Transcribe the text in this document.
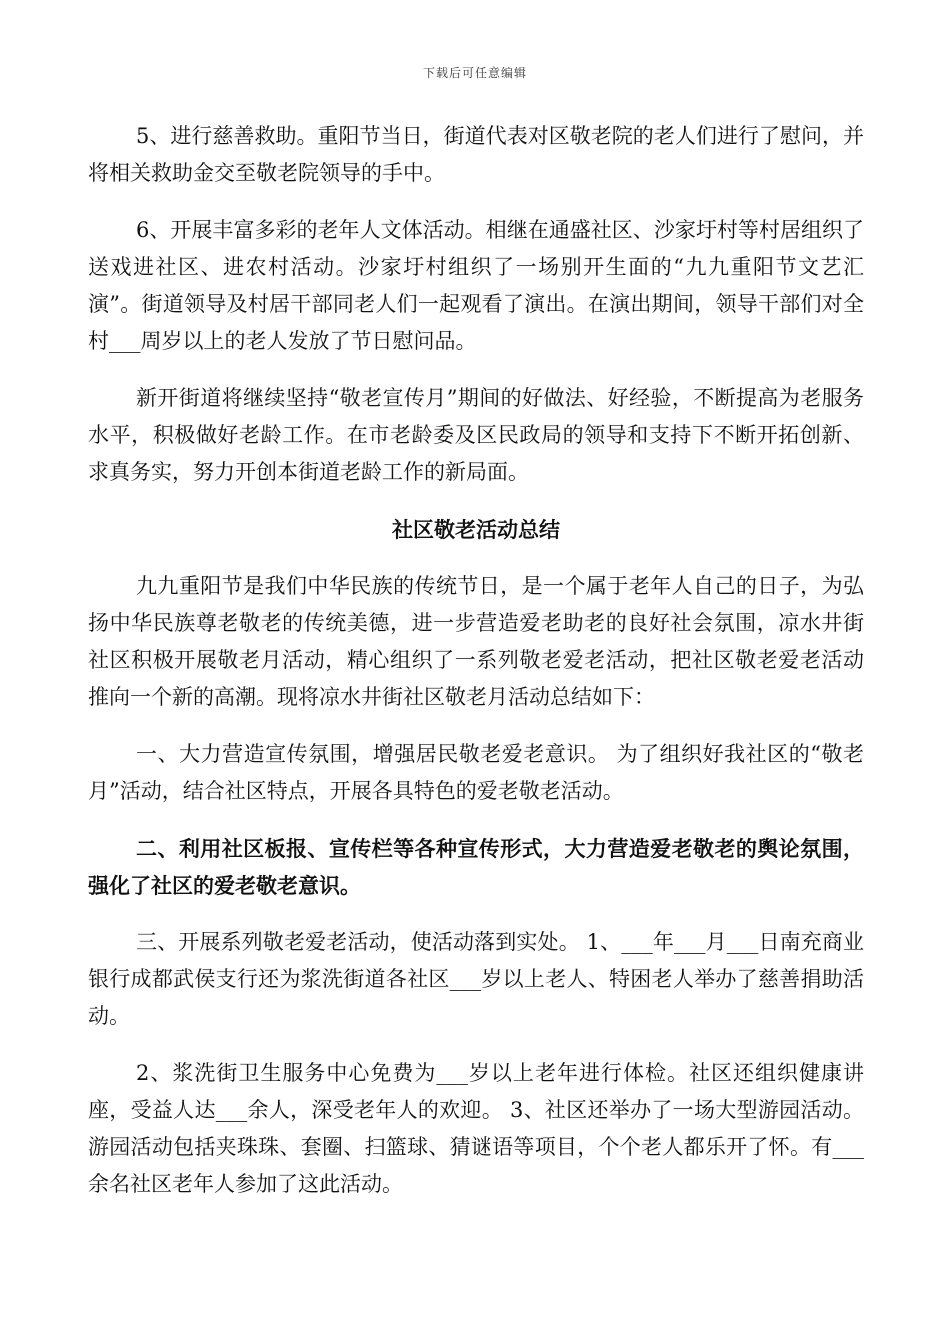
下载后可任意编辑

5、进行慈善救助。重阳节当日，街道代表对区敬老院的老人们进行了慰问，并将相关救助金交至敬老院领导的手中。

6、开展丰富多彩的老年人文体活动。相继在通盛社区、沙家圩村等村居组织了送戏进社区、进农村活动。沙家圩村组织了一场别开生面的“九九重阳节文艺汇演”。街道领导及村居干部同老人们一起观看了演出。在演出期间，领导干部们对全村___周岁以上的老人发放了节日慰问品。

新开街道将继续坚持“敬老宣传月”期间的好做法、好经验，不断提高为老服务水平，积极做好老龄工作。在市老龄委及区民政局的领导和支持下不断开拓创新、求真务实，努力开创本街道老龄工作的新局面。

社区敬老活动总结

九九重阳节是我们中华民族的传统节日，是一个属于老年人自己的日子，为弘扬中华民族尊老敬老的传统美德，进一步营造爱老助老的良好社会氛围，凉水井街社区积极开展敬老月活动，精心组织了一系列敬老爱老活动，把社区敬老爱老活动推向一个新的高潮。现将凉水井街社区敬老月活动总结如下：

一、大力营造宣传氛围，增强居民敬老爱老意识。 为了组织好我社区的“敬老月”活动，结合社区特点，开展各具特色的爱老敬老活动。

二、利用社区板报、宣传栏等各种宣传形式，大力营造爱老敬老的舆论氛围，强化了社区的爱老敬老意识。

三、开展系列敬老爱老活动，使活动落到实处。 1、___年___月___日南充商业银行成都武侯支行还为浆洗街道各社区___岁以上老人、特困老人举办了慈善捐助活动。

2、浆洗街卫生服务中心免费为___岁以上老年进行体检。社区还组织健康讲座，受益人达___余人，深受老年人的欢迎。 3、社区还举办了一场大型游园活动。游园活动包括夹珠珠、套圈、扫篮球、猜谜语等项目，个个老人都乐开了怀。有___余名社区老年人参加了这此活动。
